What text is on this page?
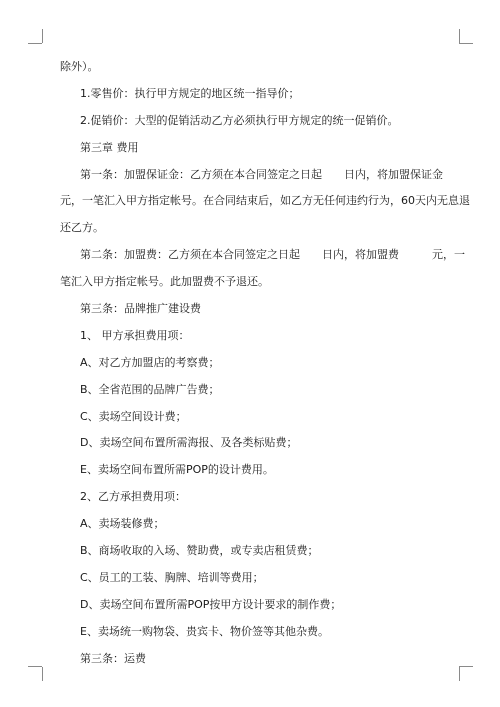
除外）。

1.零售价：执行甲方规定的地区统一指导价；

2.促销价：大型的促销活动乙方必须执行甲方规定的统一促销价。

第三章 费用

第一条：加盟保证金：乙方须在本合同签定之日起　　日内，将加盟保证金

元，一笔汇入甲方指定帐号。在合同结束后，如乙方无任何违约行为，60天内无息退

还乙方。

第二条：加盟费：乙方须在本合同签定之日起　　日内，将加盟费　　　元，一

笔汇入甲方指定帐号。此加盟费不予退还。

第三条：品牌推广建设费

1、 甲方承担费用项：

A、对乙方加盟店的考察费；

B、全省范围的品牌广告费；

C、卖场空间设计费；

D、卖场空间布置所需海报、及各类标贴费；

E、卖场空间布置所需POP的设计费用。

2、乙方承担费用项：

A、卖场装修费；

B、商场收取的入场、赞助费，或专卖店租赁费；

C、员工的工装、胸牌、培训等费用；

D、卖场空间布置所需POP按甲方设计要求的制作费；

E、卖场统一购物袋、贵宾卡、物价签等其他杂费。

第三条：运费
